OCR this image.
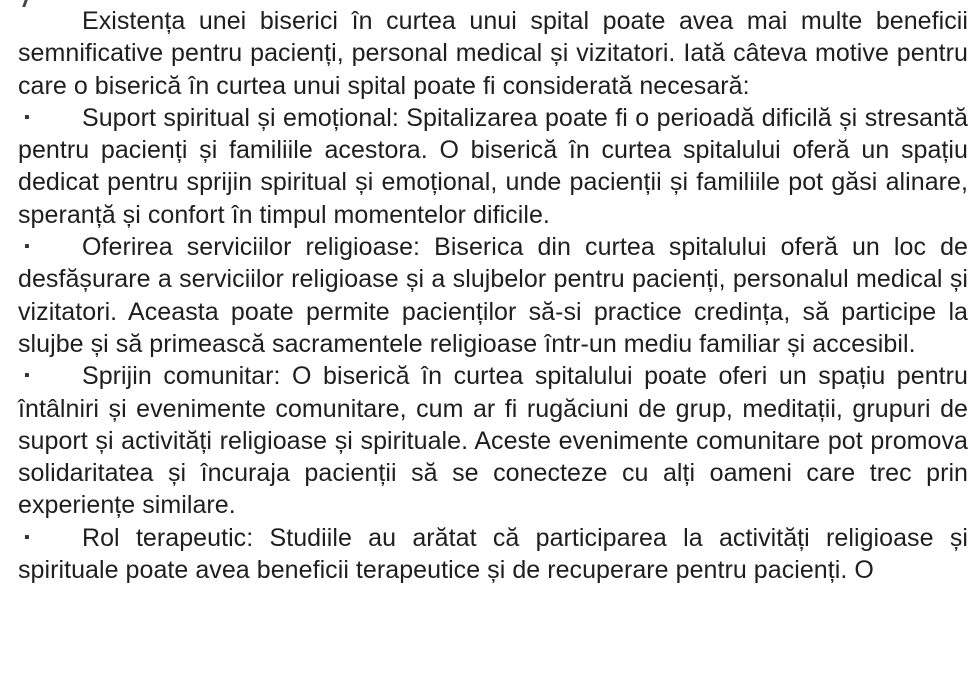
Existența unei biserici în curtea unui spital poate avea mai multe beneficii semnificative pentru pacienți, personal medical și vizitatori. Iată câteva motive pentru care o biserică în curtea unui spital poate fi considerată necesară:

▪ Suport spiritual și emoțional: Spitalizarea poate fi o perioadă dificilă și stresantă pentru pacienți și familiile acestora. O biserică în curtea spitalului oferă un spațiu dedicat pentru sprijin spiritual și emoțional, unde pacienții și familiile pot găsi alinare, speranță și confort în timpul momentelor dificile.

▪ Oferirea serviciilor religioase: Biserica din curtea spitalului oferă un loc de desfășurare a serviciilor religioase și a slujbelor pentru pacienți, personalul medical și vizitatori. Aceasta poate permite pacienților să-si practice credința, să participe la slujbe și să primească sacramentele religioase într-un mediu familiar și accesibil.

▪ Sprijin comunitar: O biserică în curtea spitalului poate oferi un spațiu pentru întâlniri și evenimente comunitare, cum ar fi rugăciuni de grup, meditații, grupuri de suport și activități religioase și spirituale. Aceste evenimente comunitare pot promova solidaritatea și încuraja pacienții să se conecteze cu alți oameni care trec prin experiențe similare.

▪ Rol terapeutic: Studiile au arătat că participarea la activități religioase și spirituale poate avea beneficii terapeutice și de recuperare pentru pacienți. O
